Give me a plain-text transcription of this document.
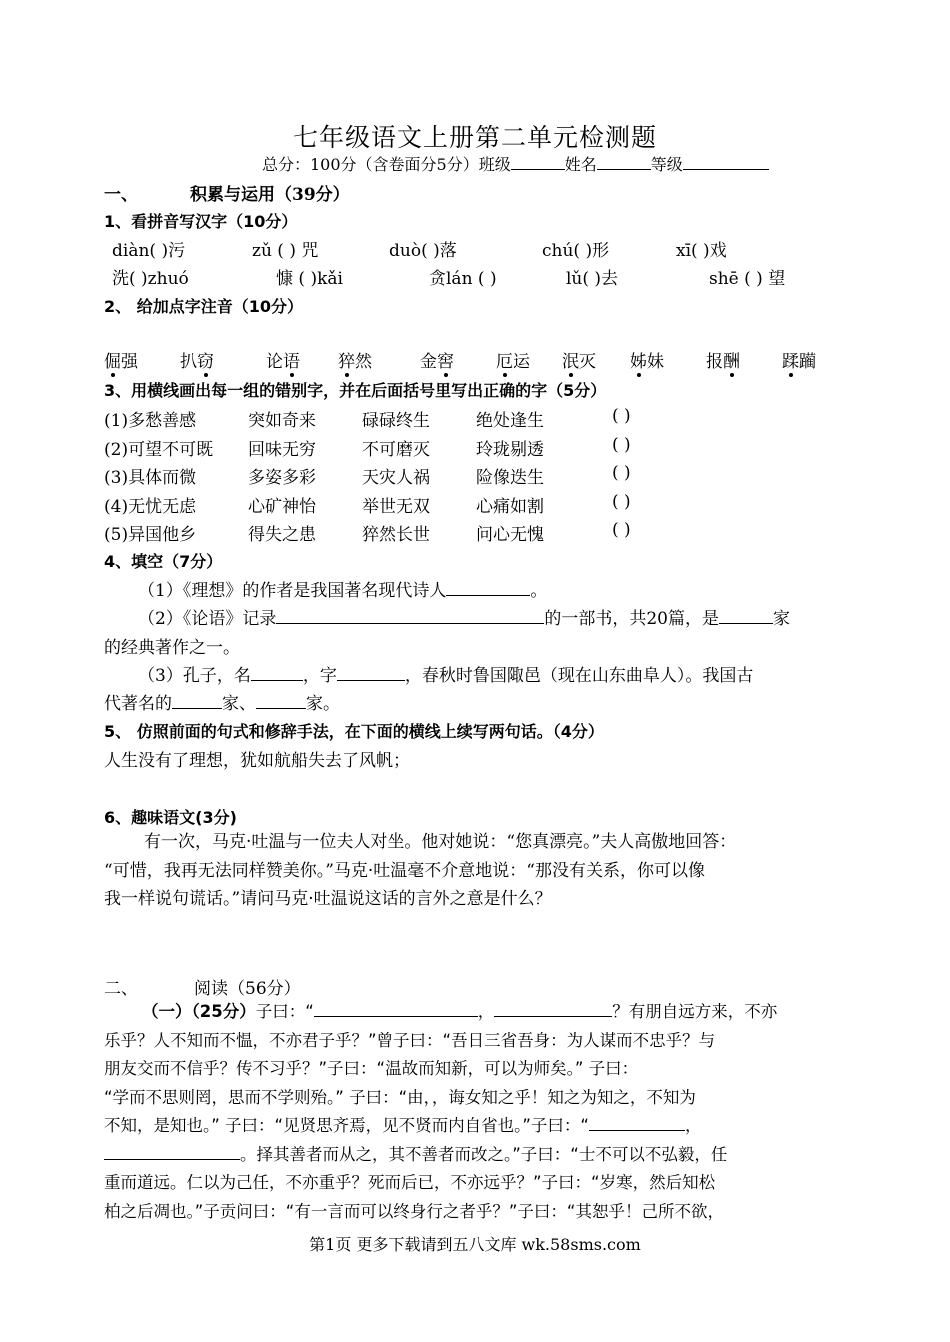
七年级语文上册第二单元检测题
总分：100分（含卷面分5分）班级	姓名	等级
一、	积累与运用（39分）
1、看拼音写汉字（10分）
diàn( )污	zǔ ( ) 咒	duò( )落	chú( )形	xī( )戏
洗( )zhuó	慷 ( )kǎi	贪lán ( )	lǔ( )去	shē ( ) 望
2、 给加点字注音（10分）
倔强 扒窃	论语 猝然	金窖 厄运 泯灭 姊妹 报酬 蹂躏
3、用横线画出每一组的错别字，并在后面括号里写出正确的字（5分）
(1)多愁善感	突如奇来	碌碌终生	绝处逢生	( )
(2)可望不可既 回味无穷	不可磨灭	玲珑剔透	( )
(3)具体而微	多姿多彩	天灾人祸	险像迭生	( )
(4)无忧无虑	心矿神怡	举世无双	心痛如割	( )
(5)异国他乡	得失之患	猝然长世	问心无愧	( )
4、填空（7分）
（1）《理想》的作者是我国著名现代诗人	。
（2）《论语》记录	的一部书，共20篇，是	家
的经典著作之一。
（3）孔子，名	，字	，春秋时鲁国陬邑（现在山东曲阜人）。我国古
代著名的	家、	家。
5、 仿照前面的句式和修辞手法，在下面的横线上续写两句话。（4分）
人生没有了理想，犹如航船失去了风帆；
6、趣味语文(3分)
有一次，马克·吐温与一位夫人对坐。他对她说：“您真漂亮。”夫人高傲地回答：
“可惜，我再无法同样赞美你。”马克·吐温毫不介意地说：“那没有关系，你可以像
我一样说句谎话。”请问马克·吐温说这话的言外之意是什么？
二、	阅读（56分）
（一）（25分）子曰：“	，	？有朋自远方来，不亦
乐乎？人不知而不愠，不亦君子乎？”曾子曰：“吾日三省吾身：为人谋而不忠乎？与
朋友交而不信乎？传不习乎？”子曰：“温故而知新，可以为师矣。” 子曰：
“学而不思则罔，思而不学则殆。” 子曰：“由，，诲女知之乎！知之为知之，不知为
不知，是知也。” 子曰：“见贤思齐焉，见不贤而内自省也。”子曰：“	，
。择其善者而从之，其不善者而改之。”子曰：“士不可以不弘毅，任
重而道远。仁以为己任，不亦重乎？死而后已，不亦远乎？”子曰：“岁寒，然后知松
柏之后凋也。”子贡问曰：“有一言而可以终身行之者乎？”子曰：“其恕乎！己所不欲，
第1页 更多下载请到五八文库 wk.58sms.com
